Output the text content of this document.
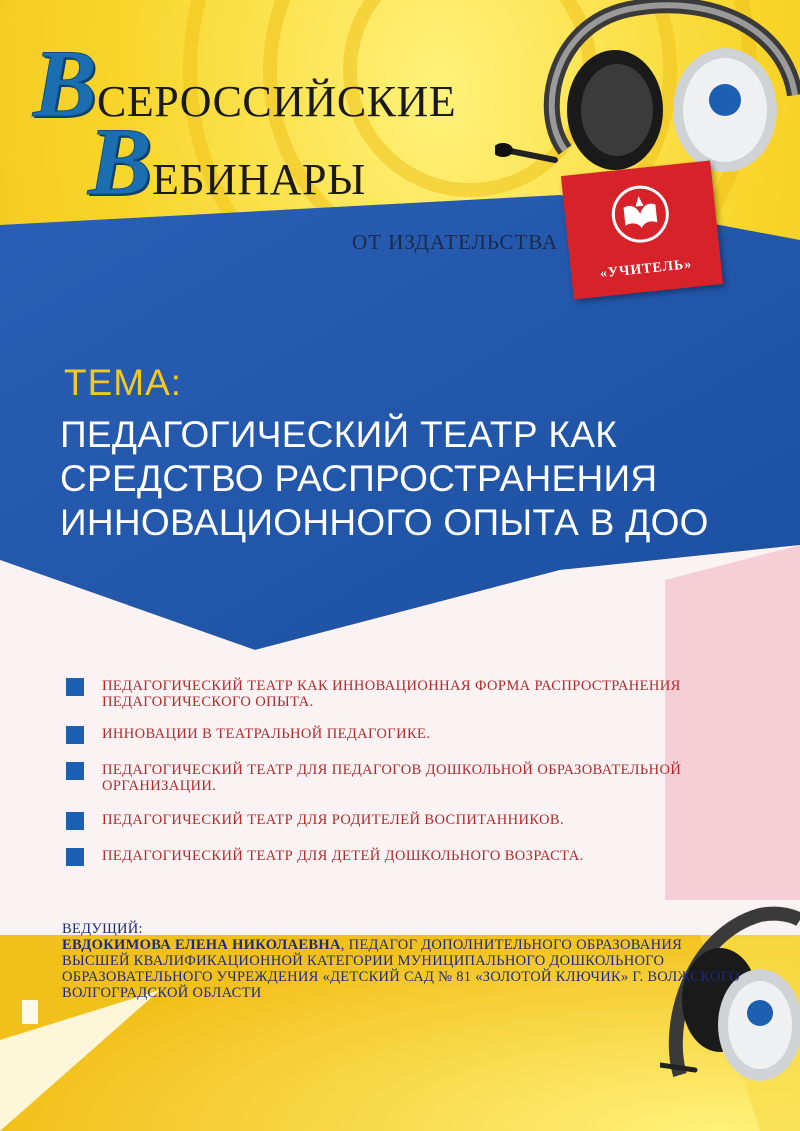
ВСЕРОССИЙСКИЕ
ВЕБИНАРЫ
ОТ ИЗДАТЕЛЬСТВА
«УЧИТЕЛЬ»
ТЕМА:
ПЕДАГОГИЧЕСКИЙ ТЕАТР КАК
СРЕДСТВО РАСПРОСТРАНЕНИЯ
ИННОВАЦИОННОГО ОПЫТА В ДОО
ПЕДАГОГИЧЕСКИЙ ТЕАТР КАК ИННОВАЦИОННАЯ ФОРМА РАСПРОСТРАНЕНИЯ ПЕДАГОГИЧЕСКОГО ОПЫТА.
ИННОВАЦИИ В ТЕАТРАЛЬНОЙ ПЕДАГОГИКЕ.
ПЕДАГОГИЧЕСКИЙ ТЕАТР ДЛЯ ПЕДАГОГОВ ДОШКОЛЬНОЙ ОБРАЗОВАТЕЛЬНОЙ ОРГАНИЗАЦИИ.
ПЕДАГОГИЧЕСКИЙ ТЕАТР ДЛЯ РОДИТЕЛЕЙ ВОСПИТАННИКОВ.
ПЕДАГОГИЧЕСКИЙ ТЕАТР ДЛЯ ДЕТЕЙ ДОШКОЛЬНОГО ВОЗРАСТА.
ВЕДУЩИЙ:
ЕВДОКИМОВА ЕЛЕНА НИКОЛАЕВНА, ПЕДАГОГ ДОПОЛНИТЕЛЬНОГО ОБРАЗОВАНИЯ ВЫСШЕЙ КВАЛИФИКАЦИОННОЙ КАТЕГОРИИ МУНИЦИПАЛЬНОГО ДОШКОЛЬНОГО ОБРАЗОВАТЕЛЬНОГО УЧРЕЖДЕНИЯ «ДЕТСКИЙ САД № 81 «ЗОЛОТОЙ КЛЮЧИК» Г. ВОЛЖСКОГО ВОЛГОГРАДСКОЙ ОБЛАСТИ
